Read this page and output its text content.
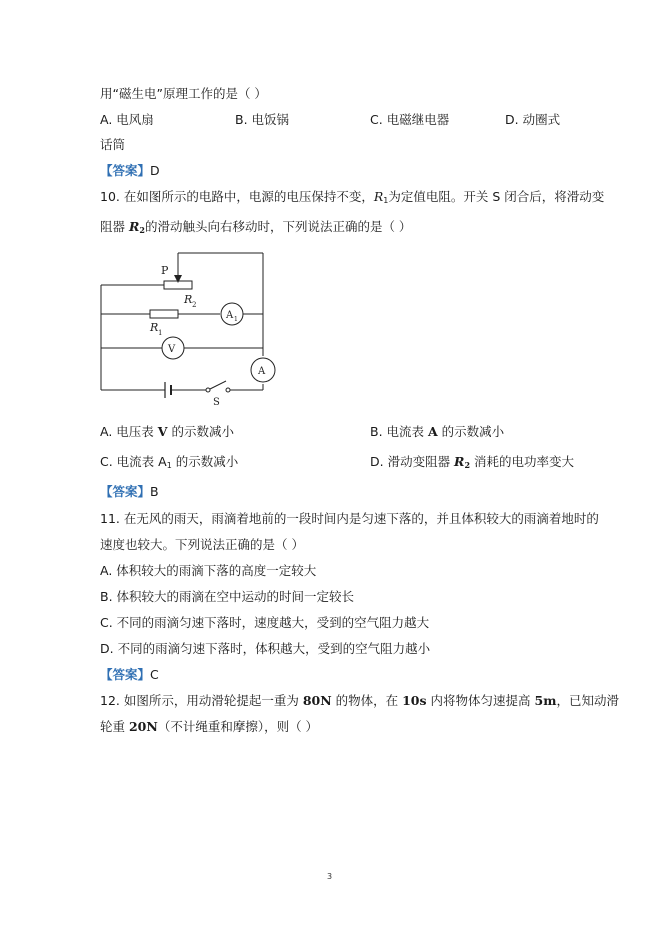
用“磁生电”原理工作的是（ ）
A. 电风扇	B. 电饭锅	C. 电磁继电器	D. 动圈式
话筒
【答案】D
10. 在如图所示的电路中，电源的电压保持不变，$R_1$为定值电阻。开关 S 闭合后，将滑动变
阻器 $R_2$的滑动触头向右移动时，下列说法正确的是（ ）
P
R 2
R 1
A 1
V
A
S
A. 电压表 V 的示数减小	B. 电流表 A 的示数减小
C. 电流表 $A_1$ 的示数减小	D. 滑动变阻器 $R_2$ 消耗的电功率变大
【答案】B
11. 在无风的雨天，雨滴着地前的一段时间内是匀速下落的，并且体积较大的雨滴着地时的
速度也较大。下列说法正确的是（ ）
A. 体积较大的雨滴下落的高度一定较大
B. 体积较大的雨滴在空中运动的时间一定较长
C. 不同的雨滴匀速下落时，速度越大，受到的空气阻力越大
D. 不同的雨滴匀速下落时，体积越大，受到的空气阻力越小
【答案】C
12. 如图所示，用动滑轮提起一重为 80N 的物体，在 10s 内将物体匀速提高 5m，已知动滑
轮重 20N（不计绳重和摩擦），则（ ）
3
